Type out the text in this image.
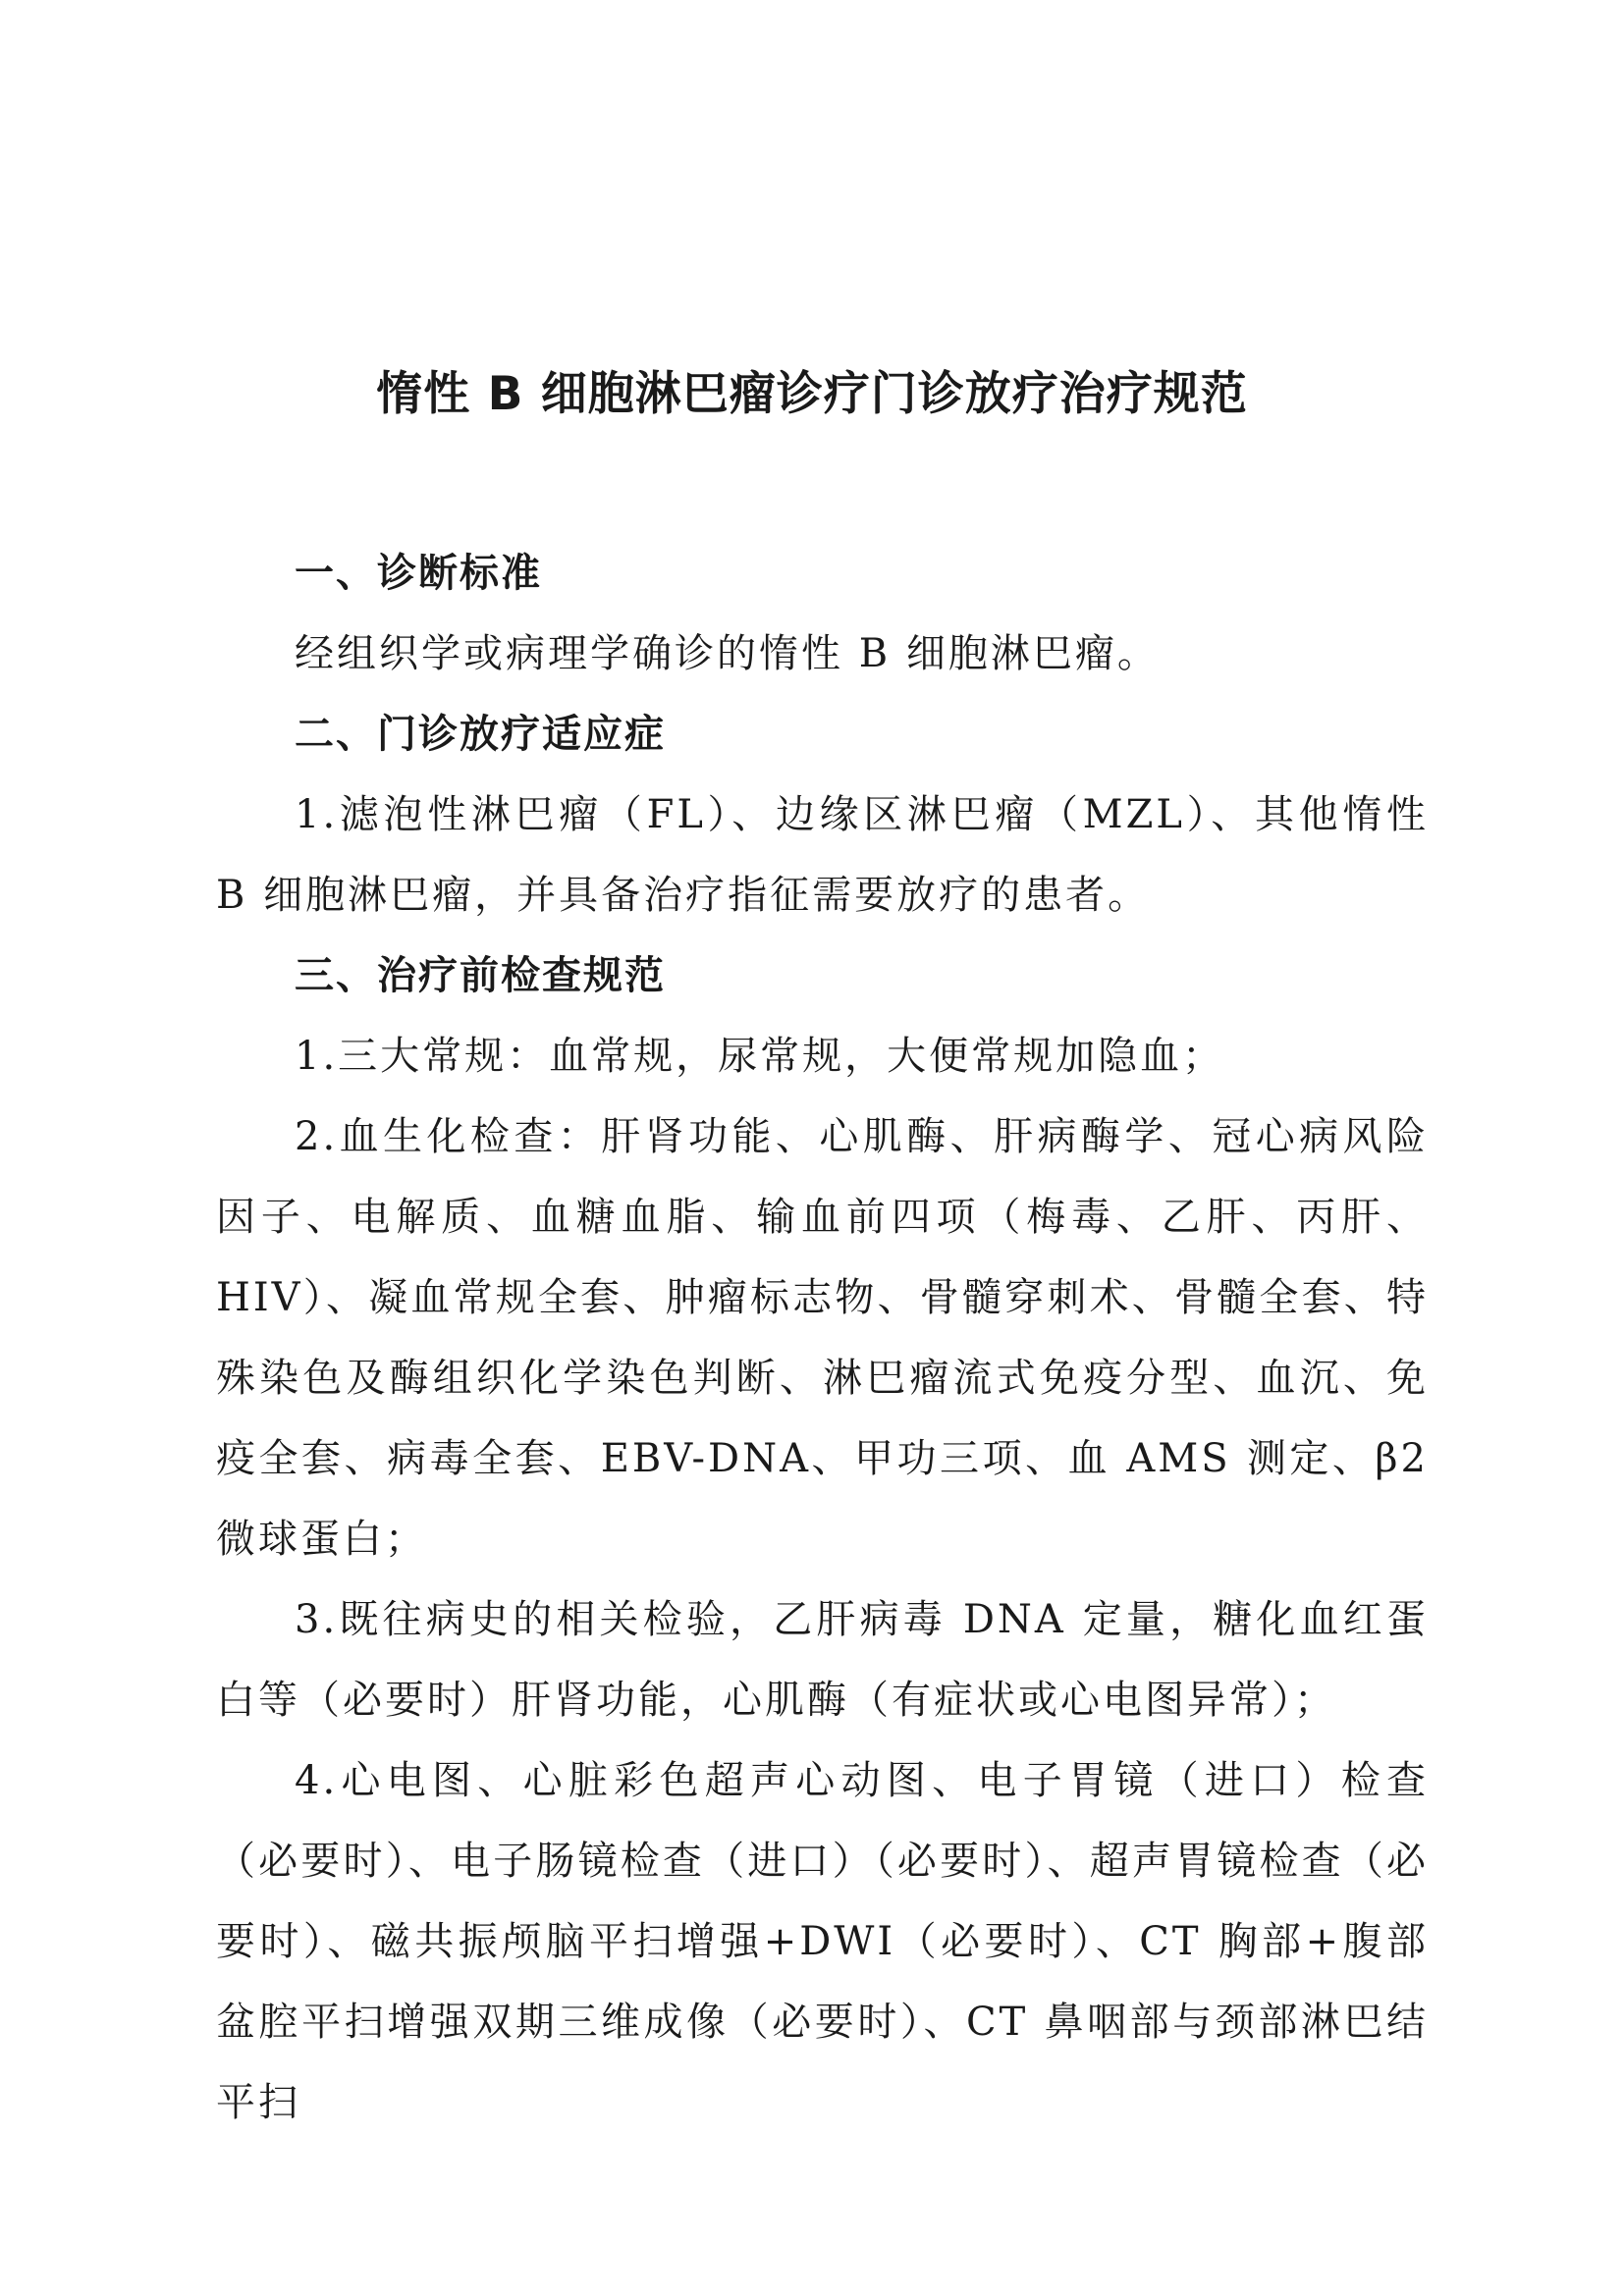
惰性 B 细胞淋巴瘤诊疗门诊放疗治疗规范
一、诊断标准

经组织学或病理学确诊的惰性 B 细胞淋巴瘤。

二、门诊放疗适应症

1.滤泡性淋巴瘤（FL）、边缘区淋巴瘤（MZL）、其他惰性 B 细胞淋巴瘤，并具备治疗指征需要放疗的患者。

三、治疗前检查规范

1.三大常规：血常规，尿常规，大便常规加隐血；

2.血生化检查：肝肾功能、心肌酶、肝病酶学、冠心病风险因子、电解质、血糖血脂、输血前四项（梅毒、乙肝、丙肝、HIV）、凝血常规全套、肿瘤标志物、骨髓穿刺术、骨髓全套、特殊染色及酶组织化学染色判断、淋巴瘤流式免疫分型、血沉、免疫全套、病毒全套、EBV-DNA、甲功三项、血 AMS 测定、β2 微球蛋白；

3.既往病史的相关检验，乙肝病毒 DNA 定量，糖化血红蛋白等（必要时）肝肾功能，心肌酶（有症状或心电图异常）；

4.心电图、心脏彩色超声心动图、电子胃镜（进口）检查（必要时）、电子肠镜检查（进口）（必要时）、超声胃镜检查（必要时）、磁共振颅脑平扫增强+DWI（必要时）、CT 胸部+腹部盆腔平扫增强双期三维成像（必要时）、CT 鼻咽部与颈部淋巴结平扫
